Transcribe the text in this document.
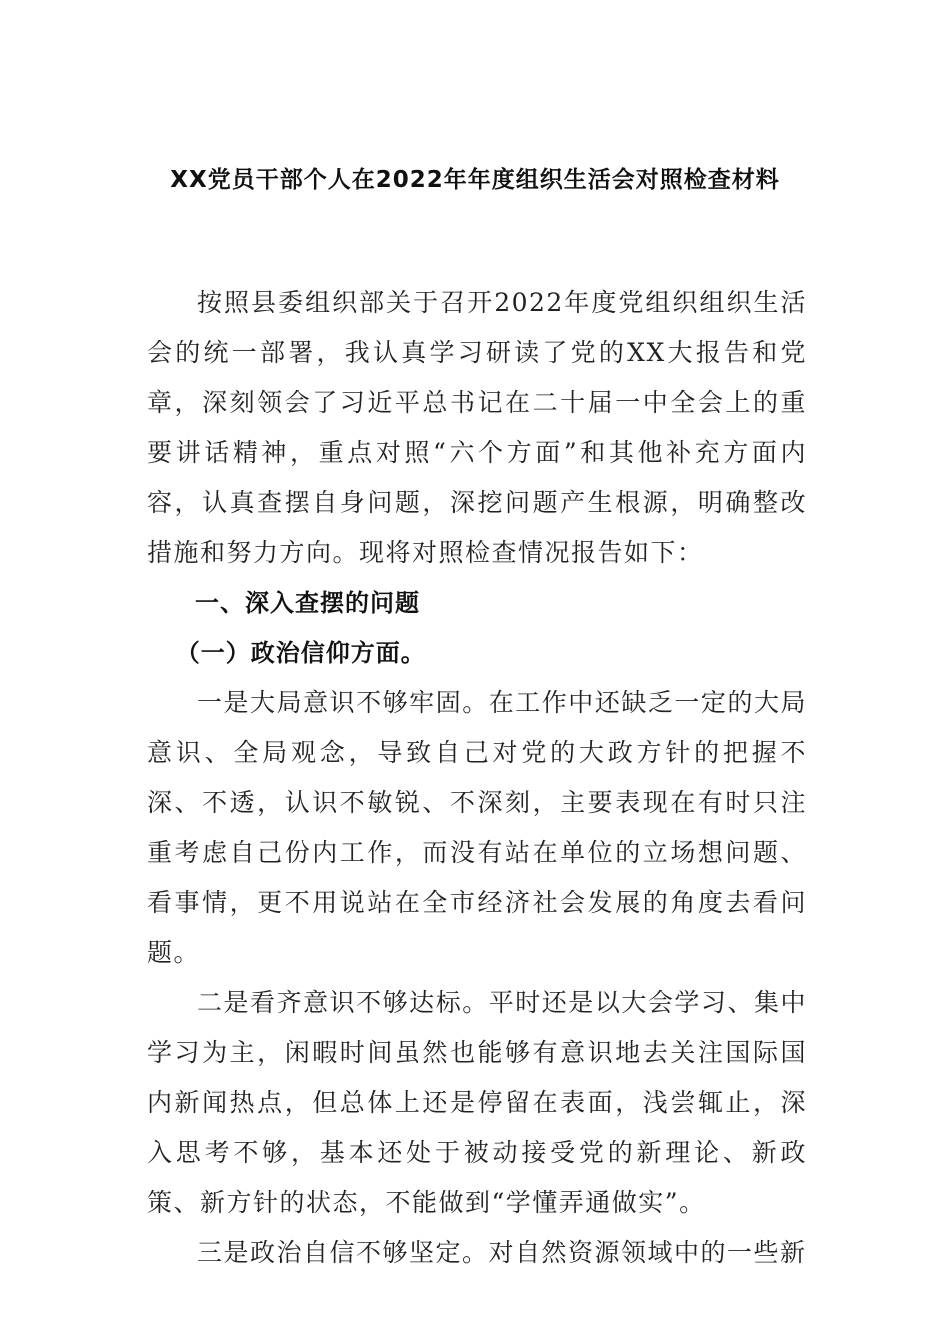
XX党员干部个人在2022年年度组织生活会对照检查材料

按照县委组织部关于召开2022年度党组织组织生活会的统一部署，我认真学习研读了党的XX大报告和党章，深刻领会了习近平总书记在二十届一中全会上的重要讲话精神，重点对照“六个方面”和其他补充方面内容，认真查摆自身问题，深挖问题产生根源，明确整改措施和努力方向。现将对照检查情况报告如下：

一、深入查摆的问题
（一）政治信仰方面。

一是大局意识不够牢固。在工作中还缺乏一定的大局意识、全局观念，导致自己对党的大政方针的把握不深、不透，认识不敏锐、不深刻，主要表现在有时只注重考虑自己份内工作，而没有站在单位的立场想问题、看事情，更不用说站在全市经济社会发展的角度去看问题。

二是看齐意识不够达标。平时还是以大会学习、集中学习为主，闲暇时间虽然也能够有意识地去关注国际国内新闻热点，但总体上还是停留在表面，浅尝辄止，深入思考不够，基本还处于被动接受党的新理论、新政策、新方针的状态，不能做到“学懂弄通做实”。

三是政治自信不够坚定。对自然资源领域中的一些新
